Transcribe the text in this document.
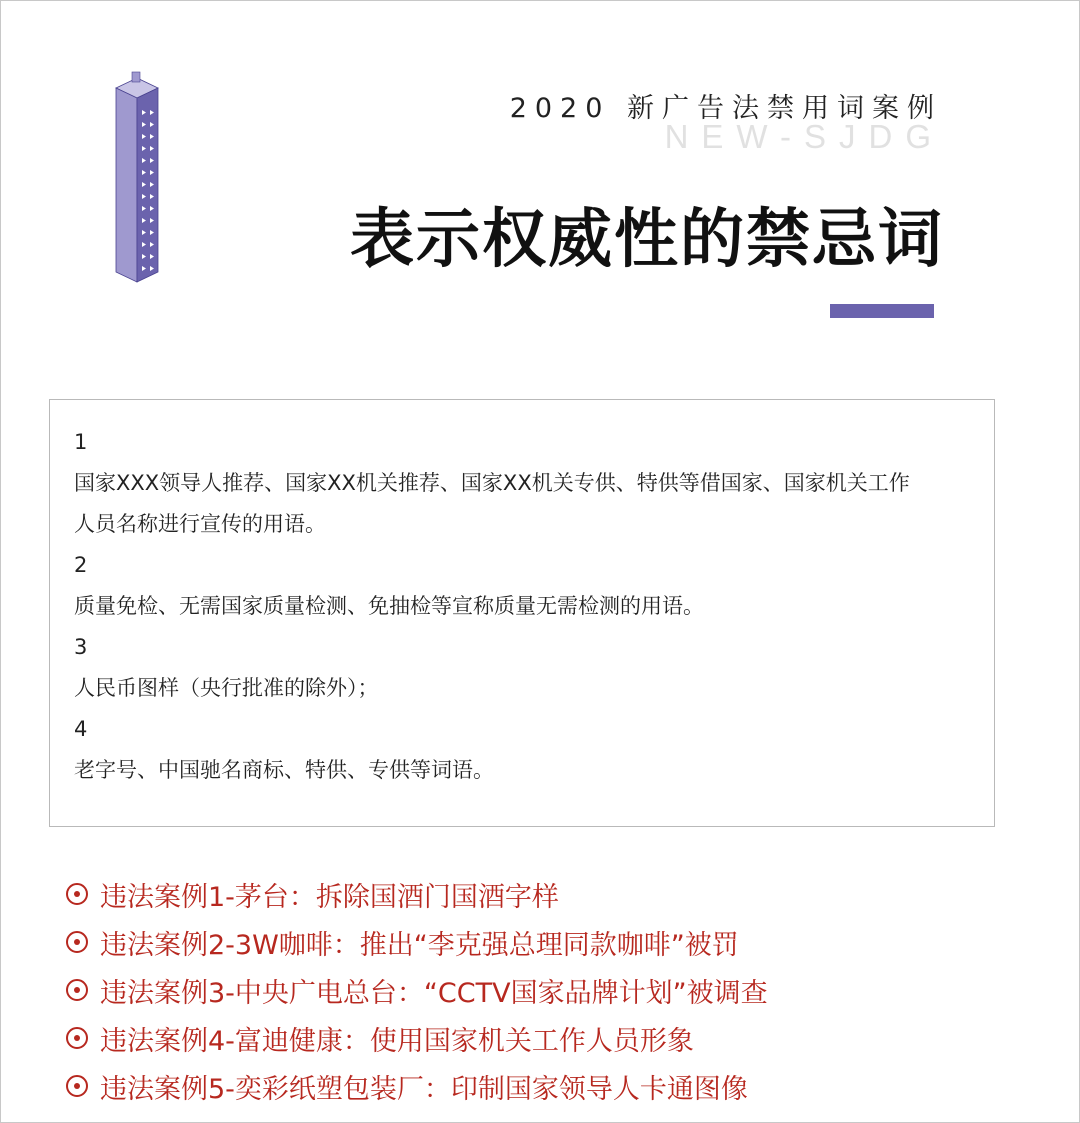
2020 新广告法禁用词案例
NEW-SJDG
表示权威性的禁忌词
1
国家XXX领导人推荐、国家XX机关推荐、国家XX机关专供、特供等借国家、国家机关工作人员名称进行宣传的用语。
2
质量免检、无需国家质量检测、免抽检等宣称质量无需检测的用语。
3
人民币图样（央行批准的除外）；
4
老字号、中国驰名商标、特供、专供等词语。
违法案例1-茅台：拆除国酒门国酒字样
违法案例2-3W咖啡：推出“李克强总理同款咖啡”被罚
违法案例3-中央广电总台：“CCTV国家品牌计划”被调查
违法案例4-富迪健康：使用国家机关工作人员形象
违法案例5-奕彩纸塑包装厂：印制国家领导人卡通图像
